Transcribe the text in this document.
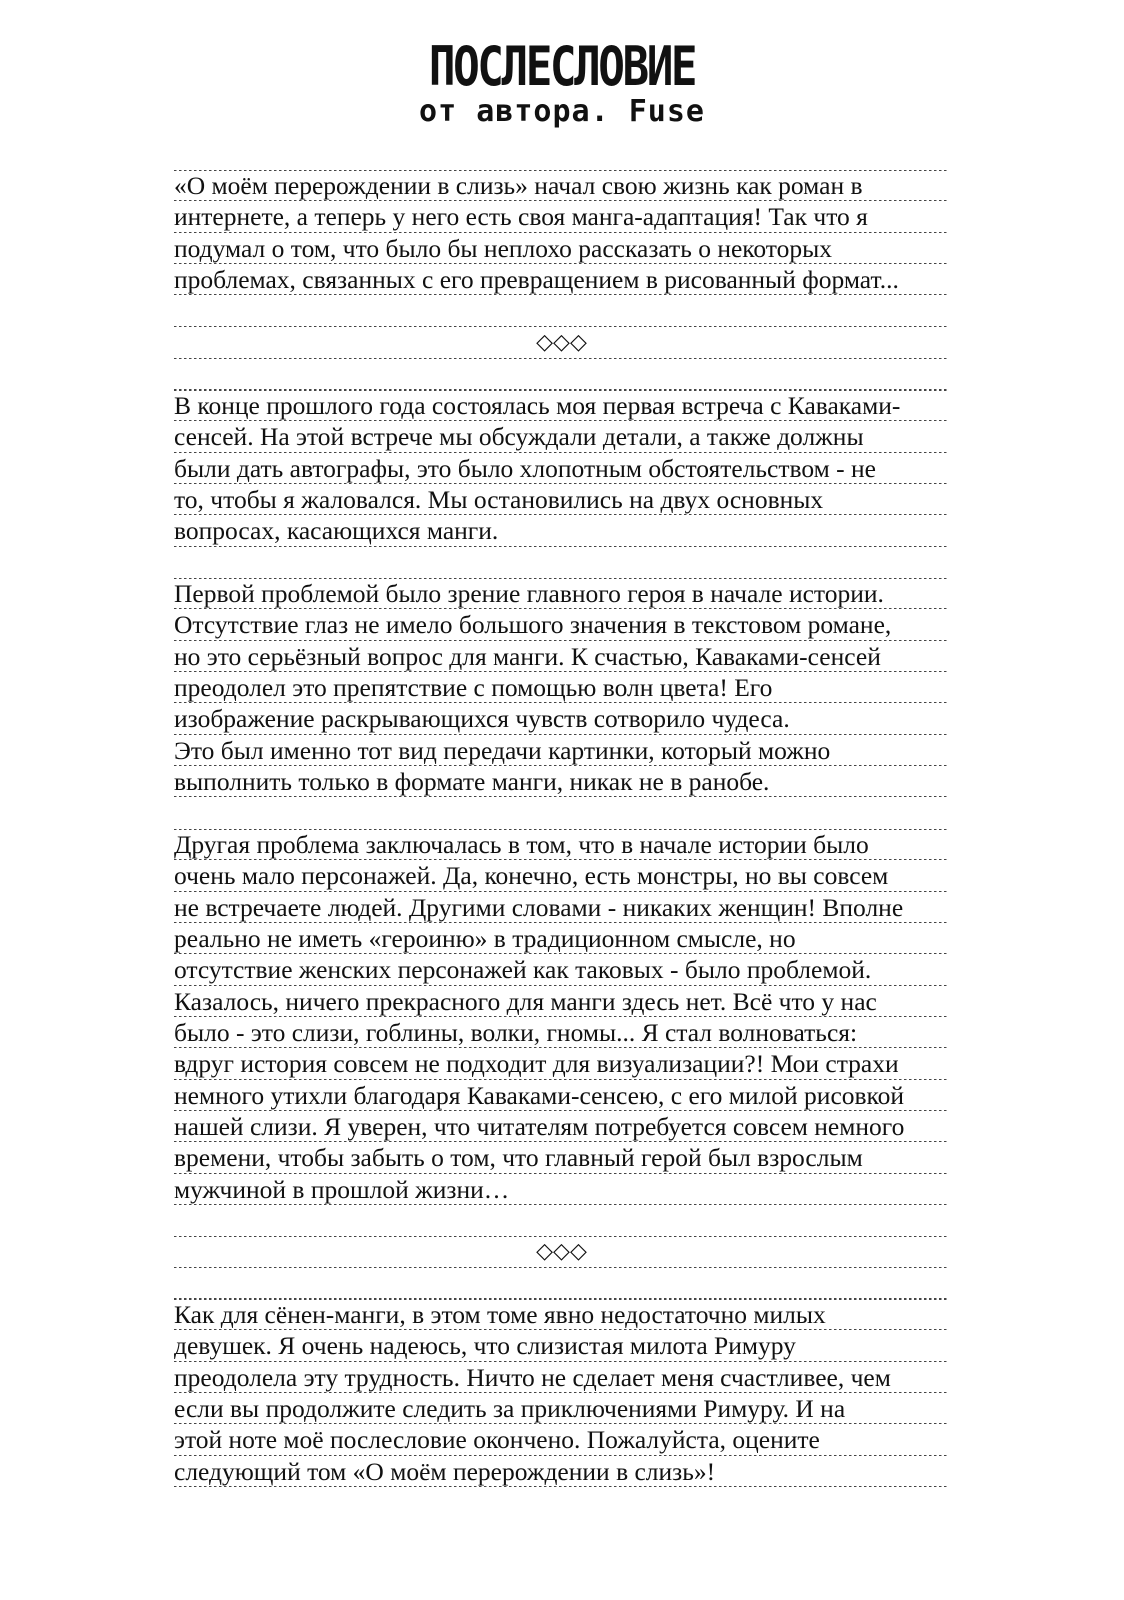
ПОСЛЕСЛОВИЕ
от автора. Fuse
«О моём перерождении в слизь» начал свою жизнь как роман в
интернете, а теперь у него есть своя манга-адаптация! Так что я
подумал о том, что было бы неплохо рассказать о некоторых
проблемах, связанных с его превращением в рисованный формат...
◇◇◇
В конце прошлого года состоялась моя первая встреча с Каваками-
сенсей. На этой встрече мы обсуждали детали, а также должны
были дать автографы, это было хлопотным обстоятельством - не
то, чтобы я жаловался. Мы остановились на двух основных
вопросах, касающихся манги.
Первой проблемой было зрение главного героя в начале истории.
Отсутствие глаз не имело большого значения в текстовом романе,
но это серьёзный вопрос для манги. К счастью, Каваками-сенсей
преодолел это препятствие с помощью волн цвета! Его
изображение раскрывающихся чувств сотворило чудеса.
Это был именно тот вид передачи картинки, который можно
выполнить только в формате манги, никак не в ранобе.
Другая проблема заключалась в том, что в начале истории было
очень мало персонажей. Да, конечно, есть монстры, но вы совсем
не встречаете людей. Другими словами - никаких женщин! Вполне
реально не иметь «героиню» в традиционном смысле, но
отсутствие женских персонажей как таковых - было проблемой.
Казалось, ничего прекрасного для манги здесь нет. Всё что у нас
было - это слизи, гоблины, волки, гномы... Я стал волноваться:
вдруг история совсем не подходит для визуализации?! Мои страхи
немного утихли благодаря Каваками-сенсею, с его милой рисовкой
нашей слизи. Я уверен, что читателям потребуется совсем немного
времени, чтобы забыть о том, что главный герой был взрослым
мужчиной в прошлой жизни…
◇◇◇
Как для сёнен-манги, в этом томе явно недостаточно милых
девушек. Я очень надеюсь, что слизистая милота Римуру
преодолела эту трудность. Ничто не сделает меня счастливее, чем
если вы продолжите следить за приключениями Римуру. И на
этой ноте моё послесловие окончено. Пожалуйста, оцените
следующий том «О моём перерождении в слизь»!
